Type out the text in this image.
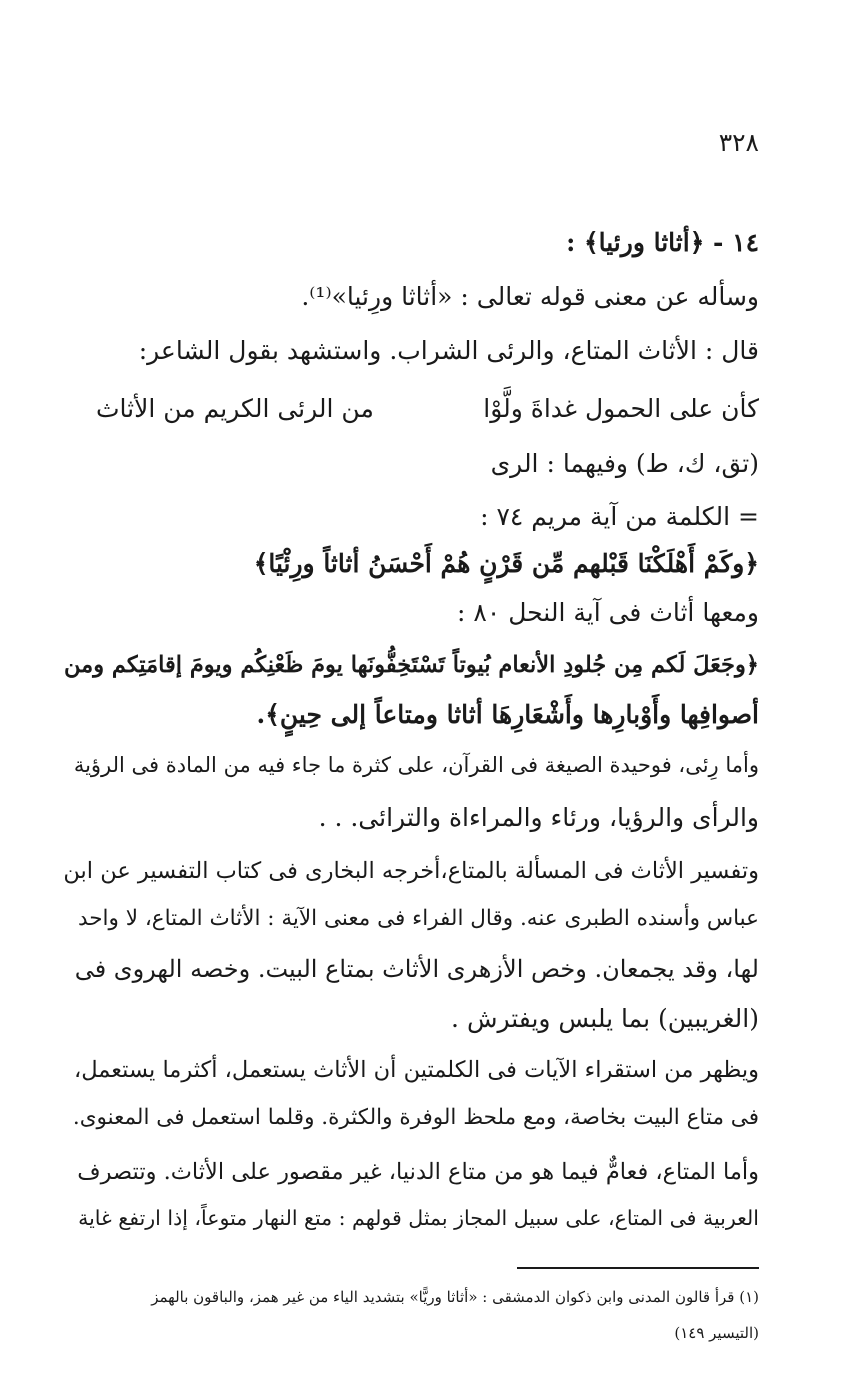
٣٢٨
١٤ - ﴿أثاثا ورئيا﴾ :
وسأله عن معنى قوله تعالى : «أثاثا ورِئيا»⁽¹⁾.
قال : الأثاث المتاع، والرئى الشراب. واستشهد بقول الشاعر:
كأن على الحمول غداةَ ولَّوْا
من الرئى الكريم من الأثاث
(تق، ك، ط) وفيهما : الرى
= الكلمة من آية مريم ٧٤ :
﴿وكَمْ أَهْلَكْنَا قَبْلهم مِّن قَرْنٍ هُمْ أَحْسَنُ أثاثاً ورِئْيًا﴾
ومعها أثاث فى آية النحل ٨٠ :
﴿وجَعَلَ لَكم مِن جُلودِ الأنعام بُيوتاً تَسْتَخِفُّونَها يومَ ظَعْنِكُم ويومَ إقامَتِكم ومن
أصوافِها وأَوْبارِها وأَشْعَارِهَا أثاثا ومتاعاً إلى حِينٍ﴾.
وأما رِئى، فوحيدة الصيغة فى القرآن، على كثرة ما جاء فيه من المادة فى الرؤية
والرأى والرؤيا، ورئاء والمراءاة والترائى. . .
وتفسير الأثاث فى المسألة بالمتاع،أخرجه البخارى فى كتاب التفسير عن ابن
عباس وأسنده الطبرى عنه. وقال الفراء فى معنى الآية : الأثاث المتاع، لا واحد
لها، وقد يجمعان. وخص الأزهرى الأثاث بمتاع البيت. وخصه الهروى فى
(الغريبين) بما يلبس ويفترش .
ويظهر من استقراء الآيات فى الكلمتين أن الأثاث يستعمل، أكثرما يستعمل،
فى متاع البيت بخاصة، ومع ملحظ الوفرة والكثرة. وقلما استعمل فى المعنوى.
وأما المتاع، فعامٌّ فيما هو من متاع الدنيا، غير مقصور على الأثاث. وتتصرف
العربية فى المتاع، على سبيل المجاز بمثل قولهم : متع النهار متوعاً، إذا ارتفع غاية
(١) قرأ قالون المدنى وابن ذكوان الدمشقى : «أثاثا وريًّا» بتشديد الياء من غير همز، والباقون بالهمز
(التيسير ١٤٩)
